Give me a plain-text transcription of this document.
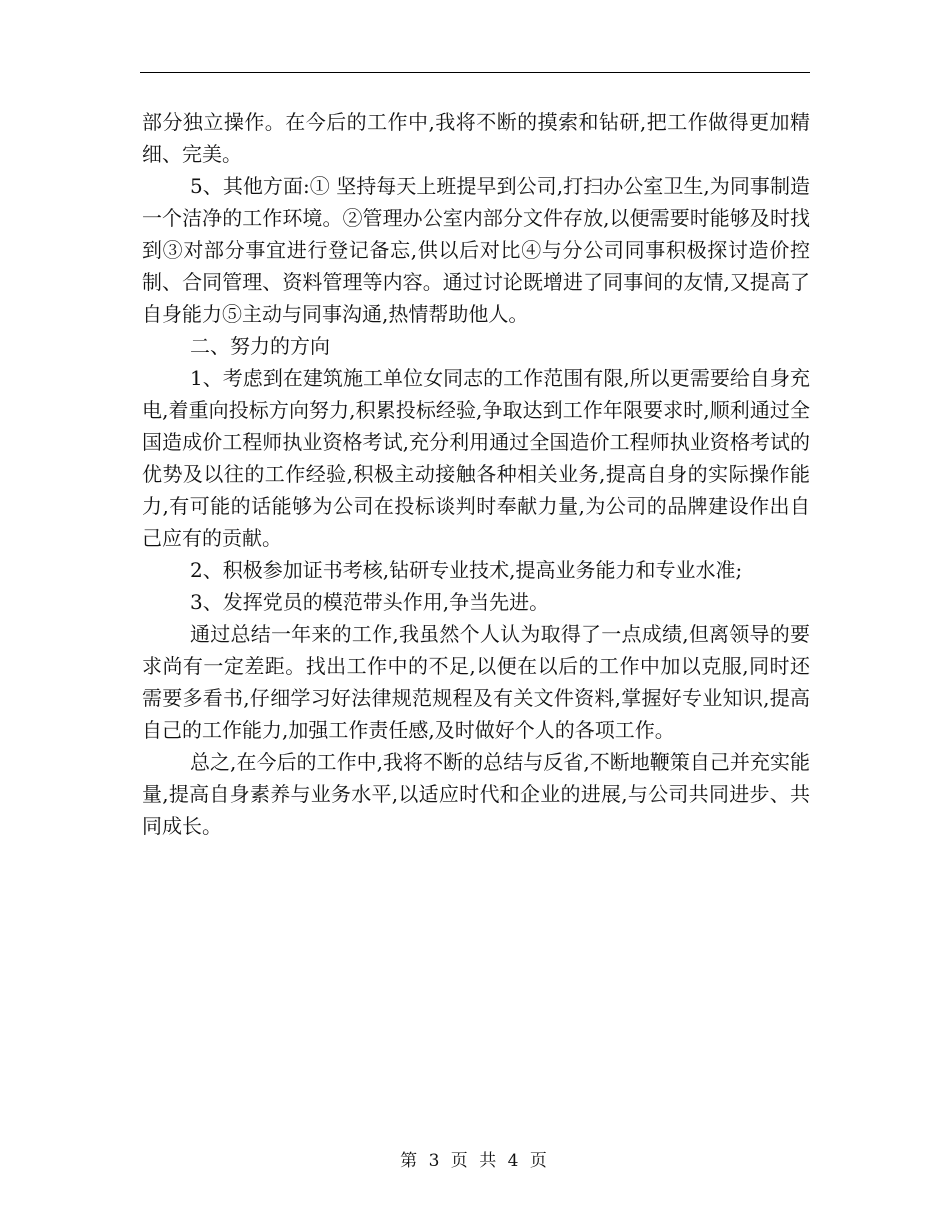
部分独立操作。在今后的工作中,我将不断的摸索和钻研,把工作做得更加精细、完美。

5、其他方面:① 坚持每天上班提早到公司,打扫办公室卫生,为同事制造一个洁净的工作环境。②管理办公室内部分文件存放,以便需要时能够及时找到③对部分事宜进行登记备忘,供以后对比④与分公司同事积极探讨造价控制、合同管理、资料管理等内容。通过讨论既增进了同事间的友情,又提高了自身能力⑤主动与同事沟通,热情帮助他人。

二、努力的方向

1、考虑到在建筑施工单位女同志的工作范围有限,所以更需要给自身充电,着重向投标方向努力,积累投标经验,争取达到工作年限要求时,顺利通过全国造成价工程师执业资格考试,充分利用通过全国造价工程师执业资格考试的优势及以往的工作经验,积极主动接触各种相关业务,提高自身的实际操作能力,有可能的话能够为公司在投标谈判时奉献力量,为公司的品牌建设作出自己应有的贡献。

2、积极参加证书考核,钻研专业技术,提高业务能力和专业水准;

3、发挥党员的模范带头作用,争当先进。

通过总结一年来的工作,我虽然个人认为取得了一点成绩,但离领导的要求尚有一定差距。找出工作中的不足,以便在以后的工作中加以克服,同时还需要多看书,仔细学习好法律规范规程及有关文件资料,掌握好专业知识,提高自己的工作能力,加强工作责任感,及时做好个人的各项工作。

总之,在今后的工作中,我将不断的总结与反省,不断地鞭策自己并充实能量,提高自身素养与业务水平,以适应时代和企业的进展,与公司共同进步、共同成长。

第 3 页 共 4 页
